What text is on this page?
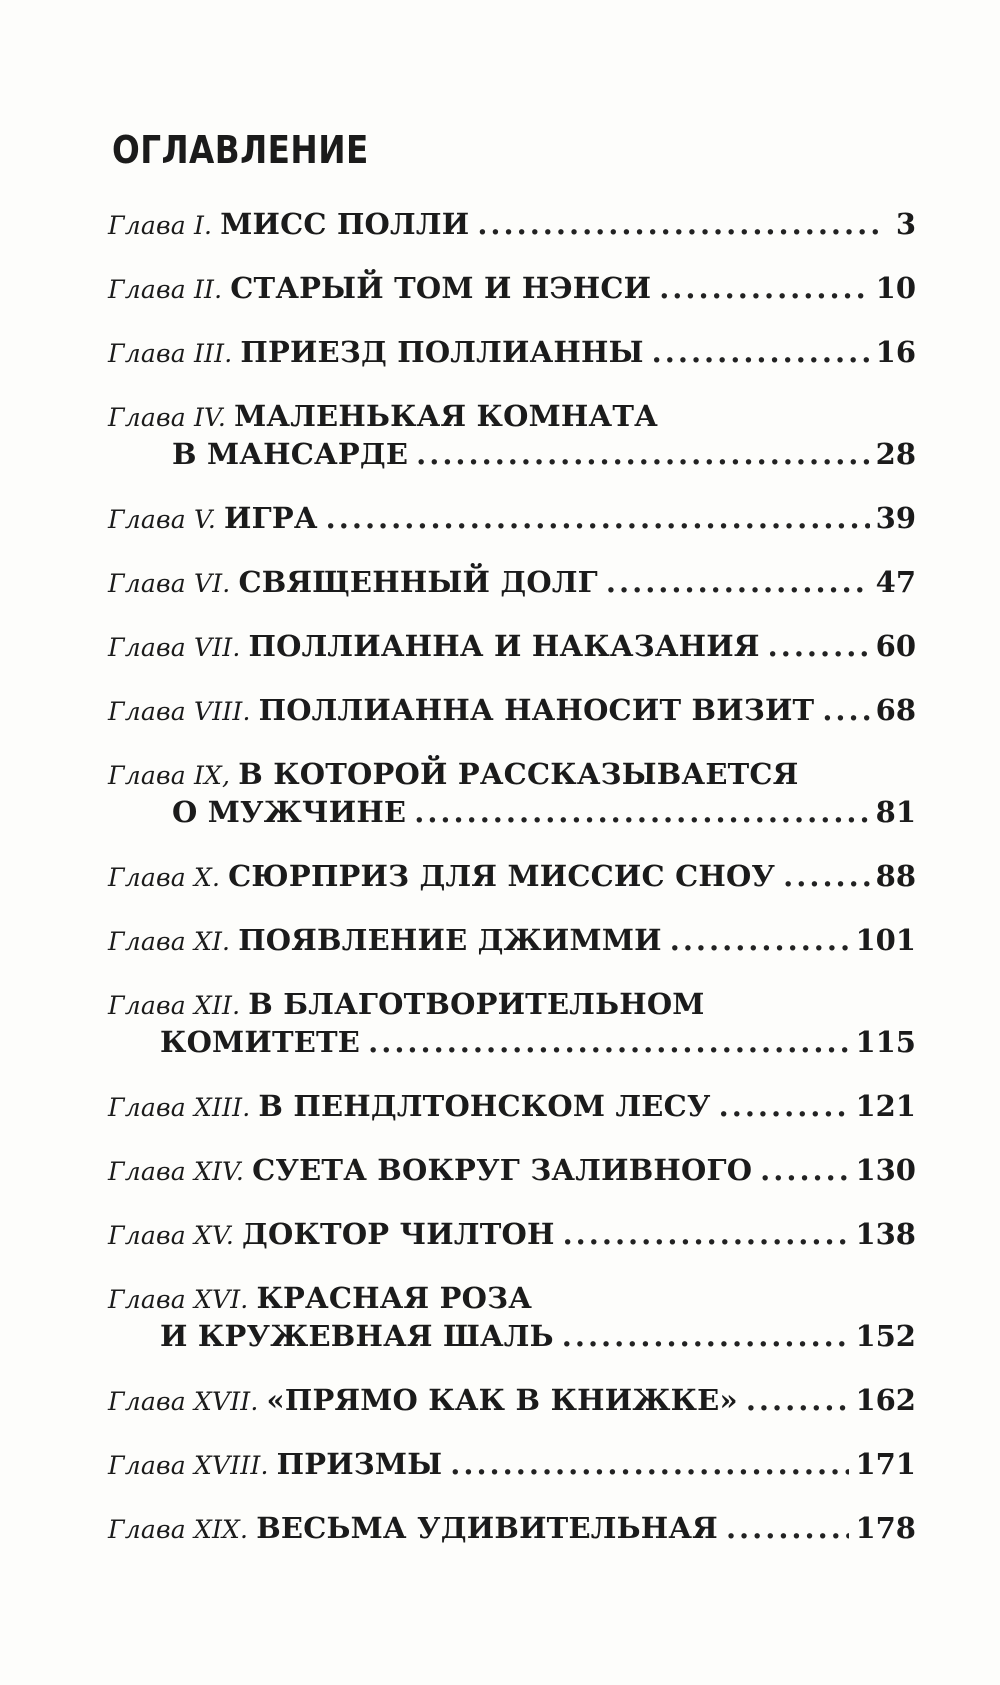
ОГЛАВЛЕНИЕ
Глава I. МИСС ПОЛЛИ .....	3
Глава II. СТАРЫЙ ТОМ И НЭНСИ .....	10
Глава III. ПРИЕЗД ПОЛЛИАННЫ .....	16
Глава IV. МАЛЕНЬКАЯ КОМНАТА
В МАНСАРДЕ .....	28
Глава V. ИГРА .....	39
Глава VI. СВЯЩЕННЫЙ ДОЛГ .....	47
Глава VII. ПОЛЛИАННА И НАКАЗАНИЯ .....	60
Глава VIII. ПОЛЛИАННА НАНОСИТ ВИЗИТ ..... 68
Глава IX, В КОТОРОЙ РАССКАЗЫВАЕТСЯ
О МУЖЧИНЕ .....	81
Глава X. СЮРПРИЗ ДЛЯ МИССИС СНОУ .....	88
Глава XI. ПОЯВЛЕНИЕ ДЖИММИ .....	101
Глава XII. В БЛАГОТВОРИТЕЛЬНОМ
КОМИТЕТЕ .....	115
Глава XIII. В ПЕНДЛТОНСКОМ ЛЕСУ .....	121
Глава XIV. СУЕТА ВОКРУГ ЗАЛИВНОГО .....	130
Глава XV. ДОКТОР ЧИЛТОН .....	138
Глава XVI. КРАСНАЯ РОЗА
И КРУЖЕВНАЯ ШАЛЬ .....	152
Глава XVII. «ПРЯМО КАК В КНИЖКЕ» .....	162
Глава XVIII. ПРИЗМЫ .....	171
Глава XIX. ВЕСЬМА УДИВИТЕЛЬНАЯ .....	178
